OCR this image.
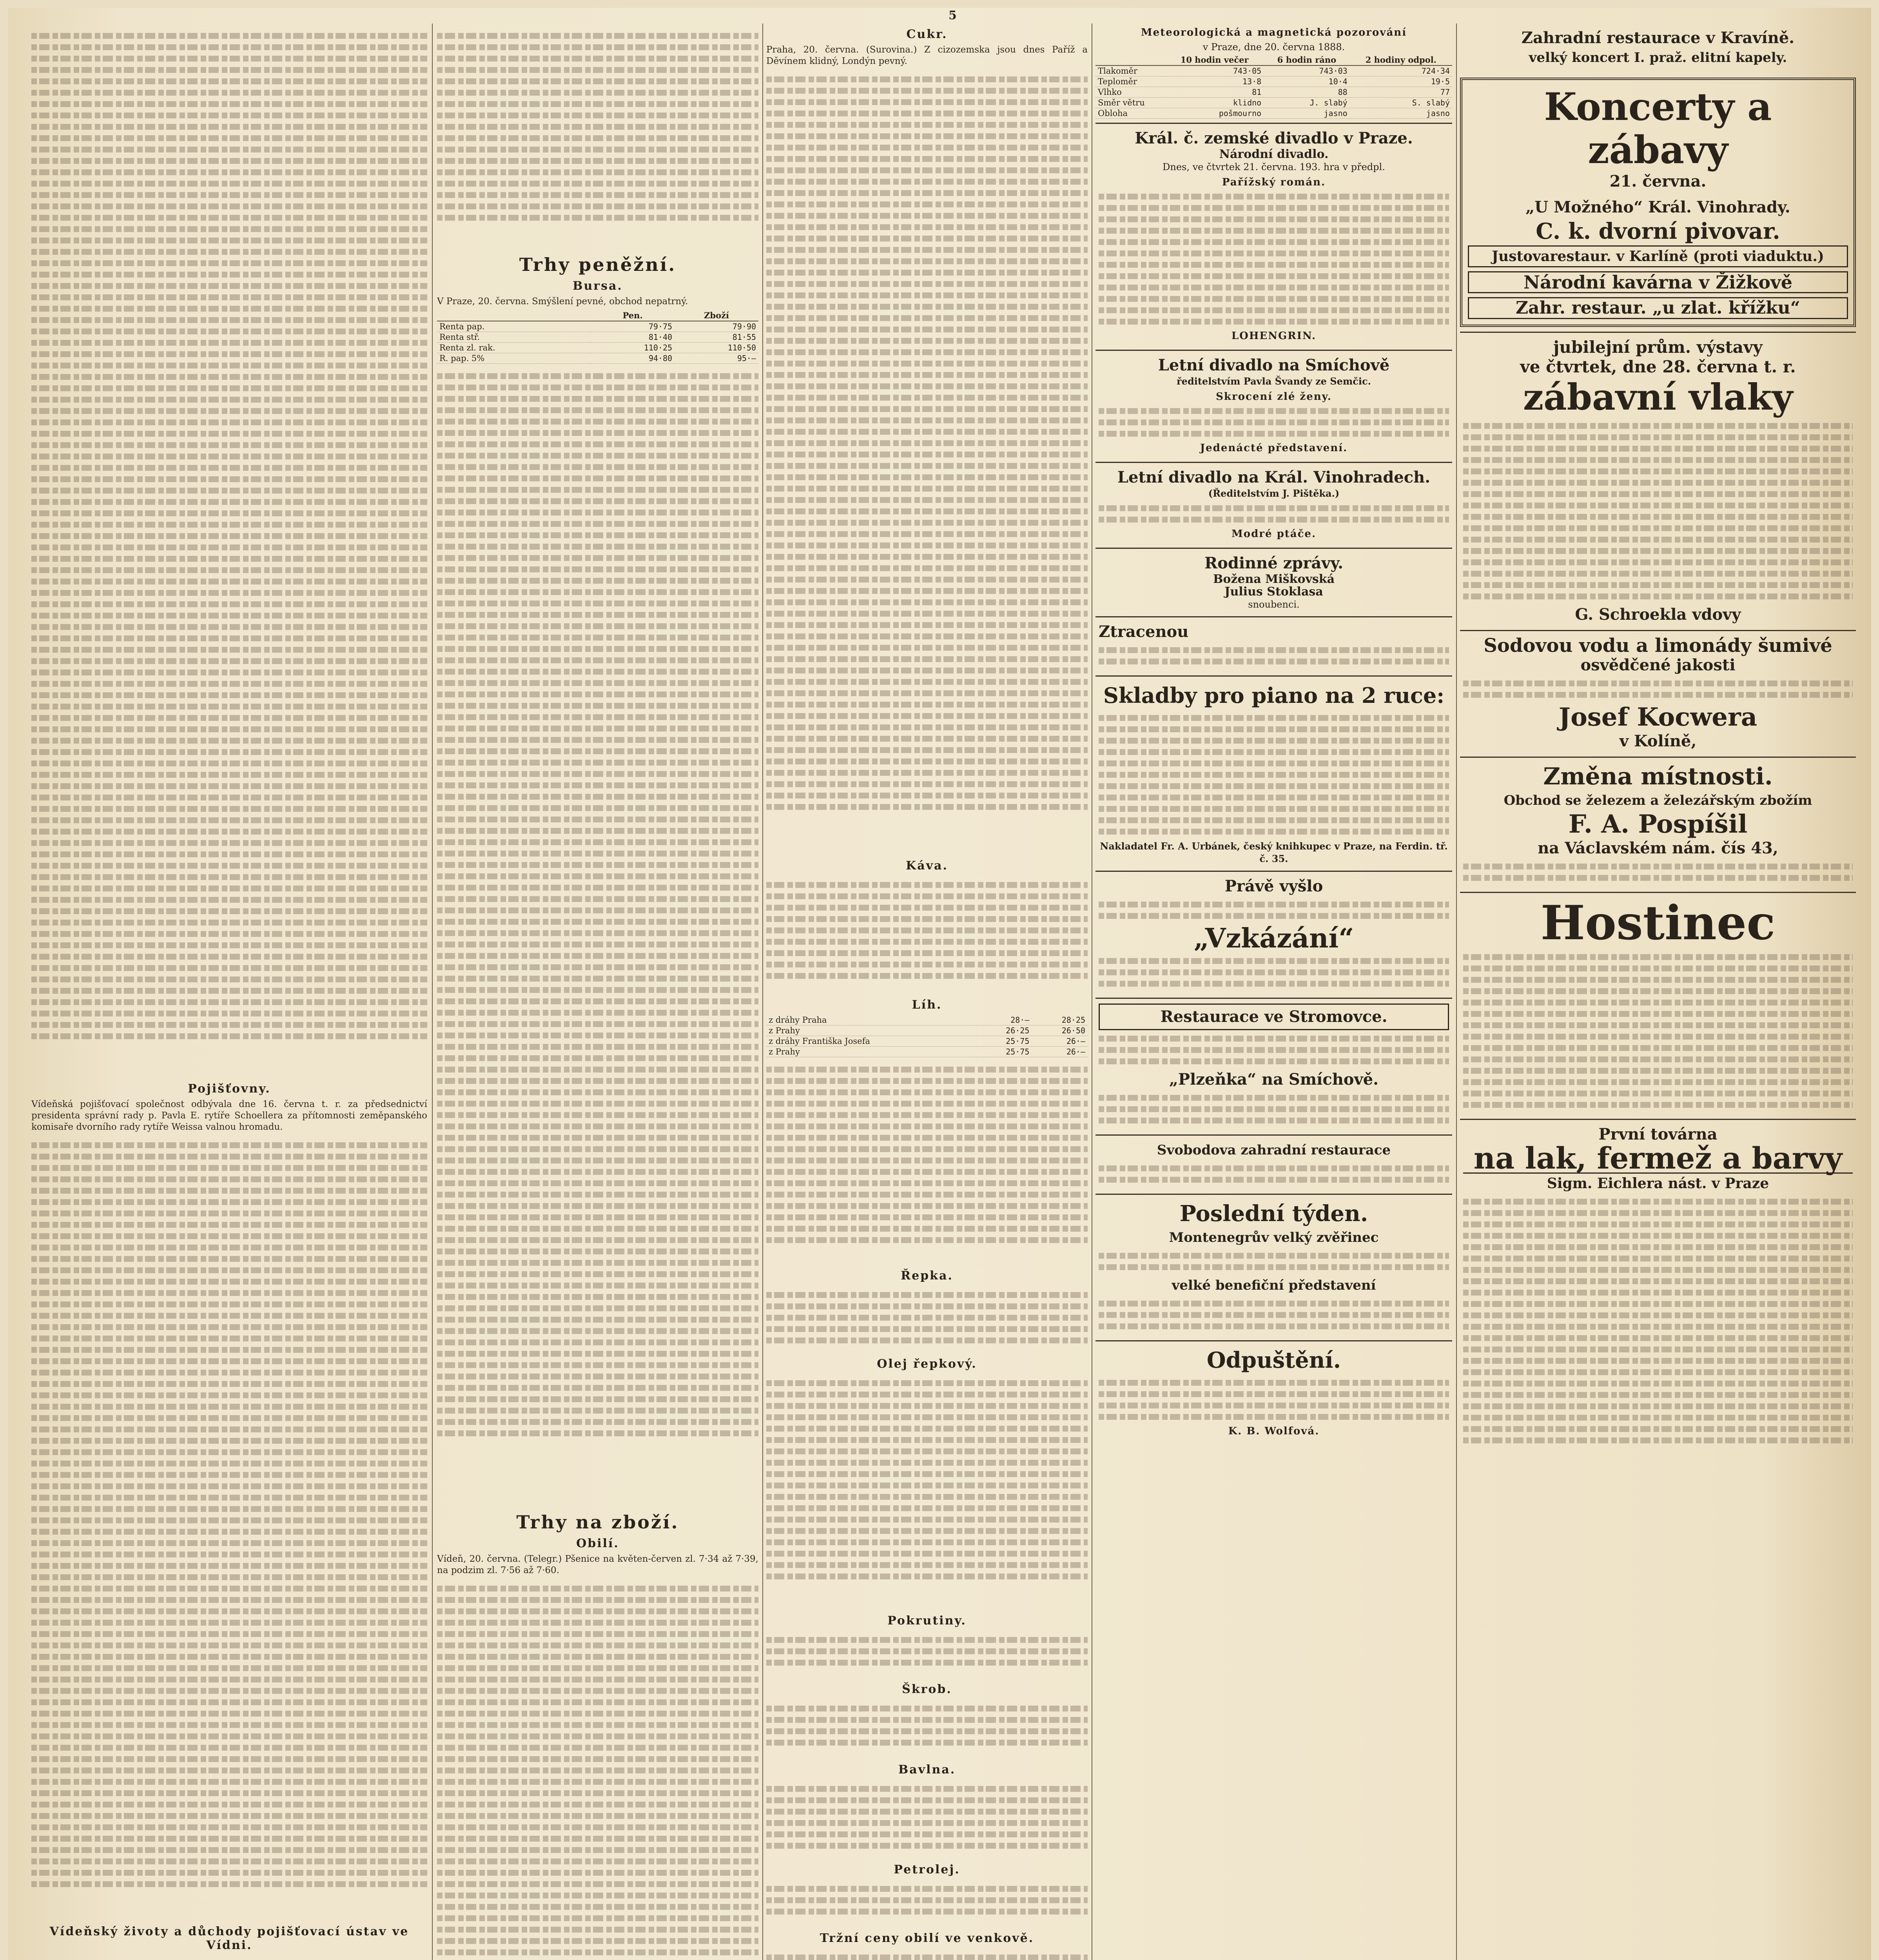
5
Pojišťovny.

Vídeňská pojišťovací společnost odbývala dne 16. června t. r. za předsednictví presidenta správní rady p. Pavla E. rytíře Schoellera za přítomnosti zeměpanského komisaře dvorního rady rytíře Weissa valnou hromadu.

Vídeňský životy a důchody pojišťovací ústav ve Vídni.
Trhy peněžní.
Bursa.

V Praze, 20. června. Smýšlení pevné, obchod nepatrný.

	Pen.	Zboží
Renta pap.	79·75	79·90
Renta stř.	81·40	81·55
Renta zl. rak.	110·25	110·50
R. pap. 5%	94·80	95·—
Trhy na zboží.
Obilí.

Vídeň, 20. června. (Telegr.) Pšenice na květen-červen zl. 7·34 až 7·39, na podzim zl. 7·56 až 7·60.

Cukr.

Praha, 20. června. (Surovina.) Z cizozemska jsou dnes Paříž a Děvínem klidný, Londýn pevný.

Káva.
Líh.
z dráhy Praha	28·—	28·25
z Prahy	26·25	26·50
z dráhy Františka Josefa	25·75	26·—
z Prahy	25·75	26·—
Řepka.
Olej řepkový.
Pokrutiny.
Škrob.
Bavlna.
Petrolej.
Tržní ceny obilí ve venkově.
Meteorologická a magnetická pozorování
v Praze, dne 20. června 1888.
	10 hodin večer	6 hodin ráno	2 hodiny odpol.
Tlakoměr	743·05	743·03	724·34
Teploměr	13·8	10·4	19·5
Vlhko	81	88	77
Směr větru	klidno	J. slabý	S. slabý
Obloha	pošmourno	jasno	jasno
Král. č. zemské divadlo v Praze.
Národní divadlo.
Dnes, ve čtvrtek 21. června. 193. hra v předpl.
Pařížský román.
LOHENGRIN.
Letní divadlo na Smíchově
ředitelstvím Pavla Švandy ze Semčic.
Skrocení zlé ženy.
Jedenácté představení.
Letní divadlo na Král. Vinohradech.
(Ředitelstvím J. Pištěka.)
Modré ptáče.
Rodinné zprávy.
Božena Miškovská
Julius Stoklasa
snoubenci.
Ztracenou
Skladby pro piano na 2 ruce:
Nakladatel Fr. A. Urbánek, český knihkupec v Praze, na Ferdin. tř. č. 35.
Právě vyšlo
„Vzkázání“
Restaurace ve Stromovce.
„Plzeňka“ na Smíchově.
Svobodova zahradní restaurace
Poslední týden.
Montenegrův velký zvěřinec
velké benefiční představení
Odpuštění.
K. B. Wolfová.
Zahradní restaurace v Kravíně.
velký koncert I. praž. elitní kapely.
Koncerty a zábavy
21. června.
„U Možného“ Král. Vinohrady.
C. k. dvorní pivovar.
Justovarestaur. v Karlíně (proti viaduktu.)
Národní kavárna v Žižkově
Zahr. restaur. „u zlat. křížku“
jubilejní prům. výstavy
ve čtvrtek, dne 28. června t. r.
zábavní vlaky
G. Schroekla vdovy
Sodovou vodu a limonády šumivé
osvědčené jakosti
Josef Kocwera
v Kolíně,
Změna místnosti.
Obchod se železem a železářským zbožím
F. A. Pospíšil
na Václavském nám. čís 43,
Hostinec
První továrna
na lak, fermež a barvy
Sigm. Eichlera nást. v Praze
